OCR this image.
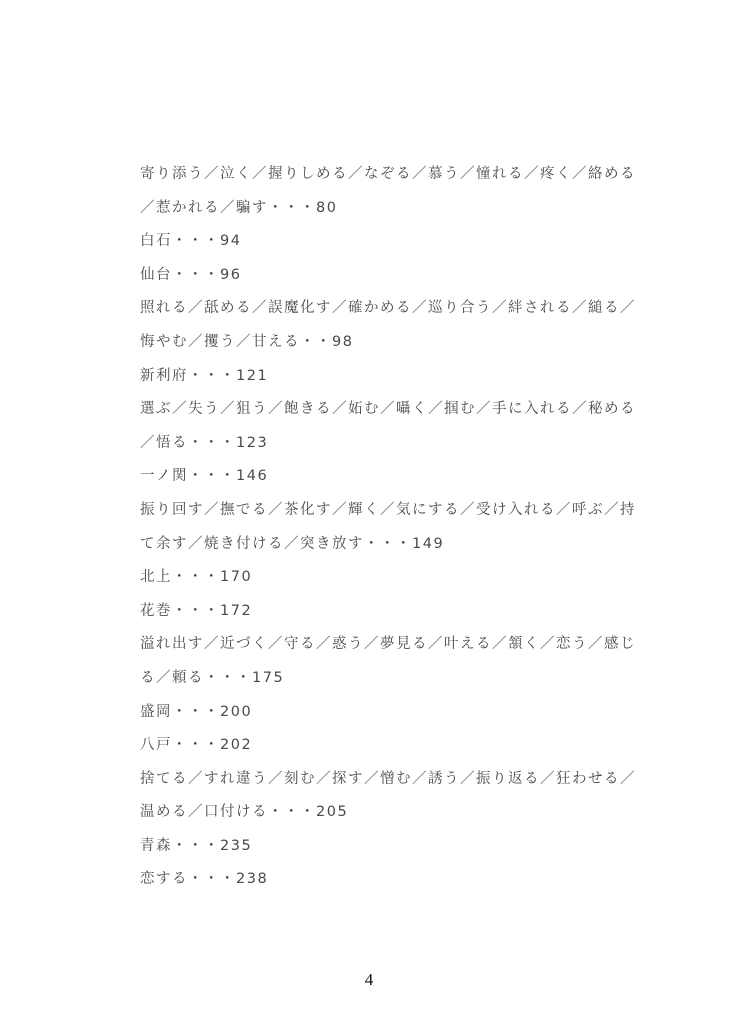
寄り添う／泣く／握りしめる／なぞる／慕う／憧れる／疼く／絡める
／惹かれる／騙す・・・80
白石・・・94
仙台・・・96
照れる／舐める／誤魔化す／確かめる／巡り合う／絆される／縋る／
悔やむ／攫う／甘える・・98
新利府・・・121
選ぶ／失う／狙う／飽きる／妬む／囁く／掴む／手に入れる／秘める
／悟る・・・123
一ノ関・・・146
振り回す／撫でる／茶化す／輝く／気にする／受け入れる／呼ぶ／持
て余す／焼き付ける／突き放す・・・149
北上・・・170
花巻・・・172
溢れ出す／近づく／守る／惑う／夢見る／叶える／頷く／恋う／感じ
る／頼る・・・175
盛岡・・・200
八戸・・・202
捨てる／すれ違う／刻む／探す／憎む／誘う／振り返る／狂わせる／
温める／口付ける・・・205
青森・・・235
恋する・・・238
4
